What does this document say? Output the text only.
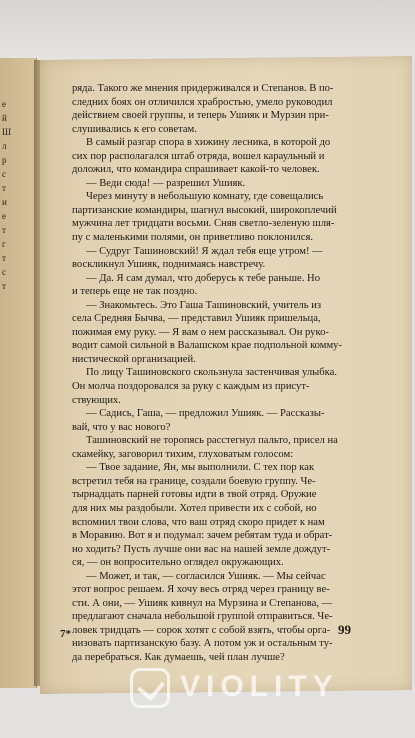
е
й
Ш
л
р
с
т
и
е
т
г
т
с
т

ряда. Такого же мнения придерживался и Степанов. В по-

следних боях он отличился храбростью, умело руководил

действием своей группы, и теперь Ушияк и Мурзин при-

слушивались к его советам.

В самый разгар спора в хижину лесника, в которой до

сих пор располагался штаб отряда, вошел караульный и

доложил, что командира спрашивает какой-то человек.

— Веди сюда! — разрешил Ушияк.

Через минуту в небольшую комнату, где совещались

партизанские командиры, шагнул высокий, широкоплечий

мужчина лет тридцати восьми. Сняв светло-зеленую шля-

пу с маленькими полями, он приветливо поклонился.

— Судруг Ташиновский! Я ждал тебя еще утром! —

воскликнул Ушияк, поднимаясь навстречу.

— Да. Я сам думал, что доберусь к тебе раньше. Но

и теперь еще не так поздно.

— Знакомьтесь. Это Гаша Ташиновский, учитель из

села Средняя Бычва, — представил Ушияк пришельца,

пожимая ему руку. — Я вам о нем рассказывал. Он руко-

водит самой сильной в Валашском крае подпольной комму-

нистической организацией.

По лицу Ташиновского скользнула застенчивая улыбка.

Он молча поздоровался за руку с каждым из присут-

ствующих.

— Садись, Гаша, — предложил Ушияк. — Рассказы-

вай, что у вас нового?

Ташиновский не торопясь расстегнул пальто, присел на

скамейку, заговорил тихим, глуховатым голосом:

— Твое задание, Ян, мы выполнили. С тех пор как

встретил тебя на границе, создали боевую группу. Че-

тырнадцать парней готовы идти в твой отряд. Оружие

для них мы раздобыли. Хотел привести их с собой, но

вспомнил твои слова, что ваш отряд скоро придет к нам

в Моравию. Вот я и подумал: зачем ребятам туда и обрат-

но ходить? Пусть лучше они вас на нашей земле дождут-

ся, — он вопросительно оглядел окружающих.

— Может, и так, — согласился Ушияк. — Мы сейчас

этот вопрос решаем. Я хочу весь отряд через границу ве-

сти. А они, — Ушияк кивнул на Мурзина и Степанова, —

предлагают сначала небольшой группой отправиться. Че-

ловек тридцать — сорок хотят с собой взять, чтобы орга-

низовать партизанскую базу. А потом уж и остальным ту-

да перебраться. Как думаешь, чей план лучше?

7*	99
VIOLITY
